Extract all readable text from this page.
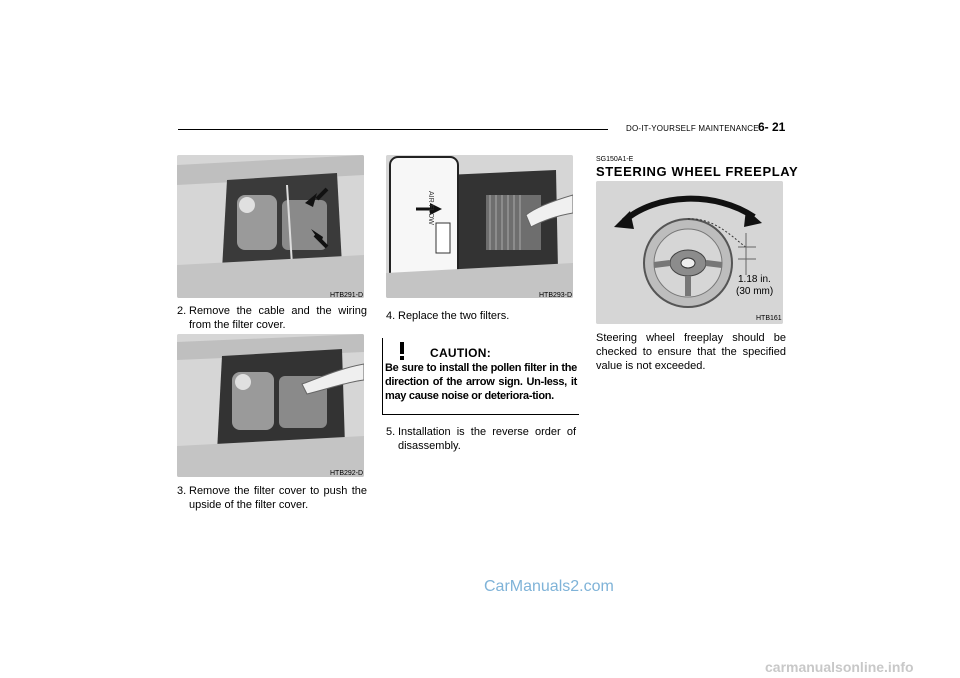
DO-IT-YOURSELF MAINTENANCE 6- 21
HTB291-D
2. Remove the cable and the wiring from the filter cover.
HTB292-D
3. Remove the filter cover to push the upside of the filter cover.
AIR FLOW
HTB293-D
4. Replace the two filters.
CAUTION:
Be sure to install the pollen filter in the direction of the arrow sign. Un-less, it may cause noise or deteriora-tion.
5. Installation is the reverse order of disassembly.
SG150A1-E
STEERING WHEEL FREEPLAY
1.18 in.
(30 mm)
HTB161
Steering wheel freeplay should be checked to ensure that the specified value is not exceeded.
CarManuals2.com
carmanualsonline.info
